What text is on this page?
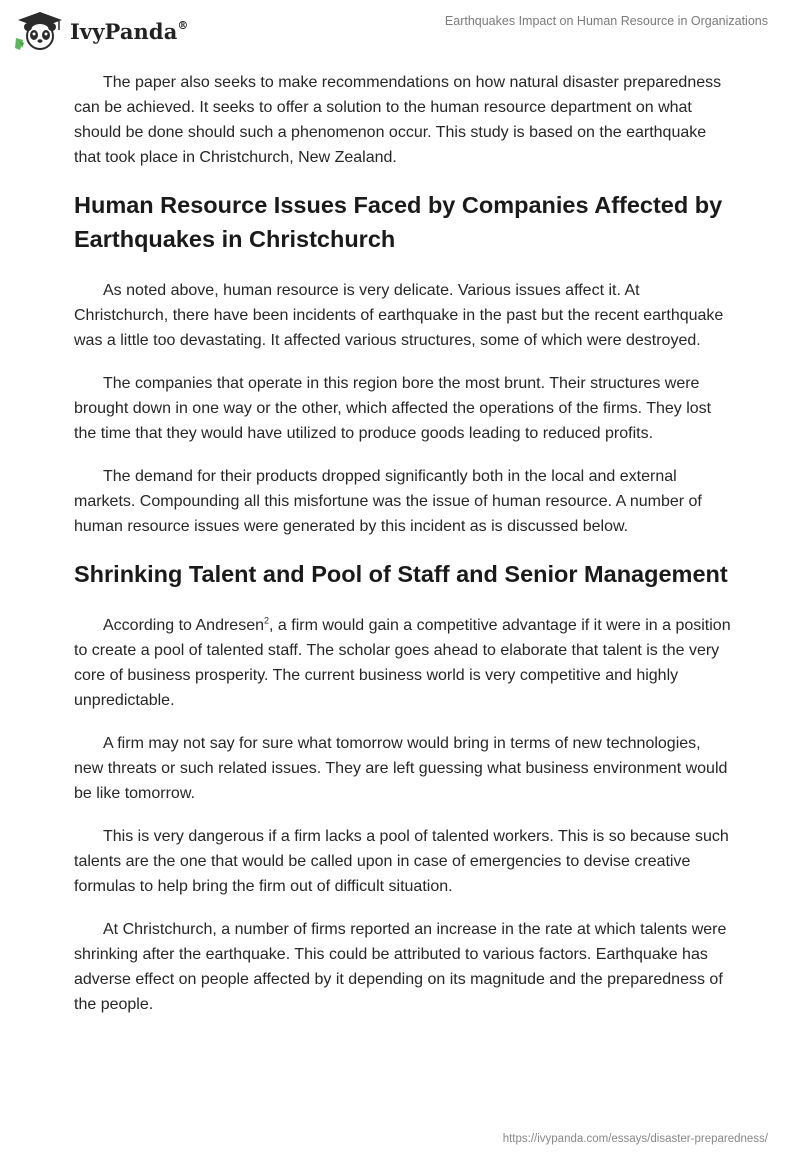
IvyPanda®	Earthquakes Impact on Human Resource in Organizations

The paper also seeks to make recommendations on how natural disaster preparedness can be achieved. It seeks to offer a solution to the human resource department on what should be done should such a phenomenon occur. This study is based on the earthquake that took place in Christchurch, New Zealand.

Human Resource Issues Faced by Companies Affected by Earthquakes in Christchurch

As noted above, human resource is very delicate. Various issues affect it. At Christchurch, there have been incidents of earthquake in the past but the recent earthquake was a little too devastating. It affected various structures, some of which were destroyed.

The companies that operate in this region bore the most brunt. Their structures were brought down in one way or the other, which affected the operations of the firms. They lost the time that they would have utilized to produce goods leading to reduced profits.

The demand for their products dropped significantly both in the local and external markets. Compounding all this misfortune was the issue of human resource. A number of human resource issues were generated by this incident as is discussed below.

Shrinking Talent and Pool of Staff and Senior Management

According to Andresen$^2$, a firm would gain a competitive advantage if it were in a position to create a pool of talented staff. The scholar goes ahead to elaborate that talent is the very core of business prosperity. The current business world is very competitive and highly unpredictable.

A firm may not say for sure what tomorrow would bring in terms of new technologies, new threats or such related issues. They are left guessing what business environment would be like tomorrow.

This is very dangerous if a firm lacks a pool of talented workers. This is so because such talents are the one that would be called upon in case of emergencies to devise creative formulas to help bring the firm out of difficult situation.

At Christchurch, a number of firms reported an increase in the rate at which talents were shrinking after the earthquake. This could be attributed to various factors. Earthquake has adverse effect on people affected by it depending on its magnitude and the preparedness of the people.

https://ivypanda.com/essays/disaster-preparedness/
